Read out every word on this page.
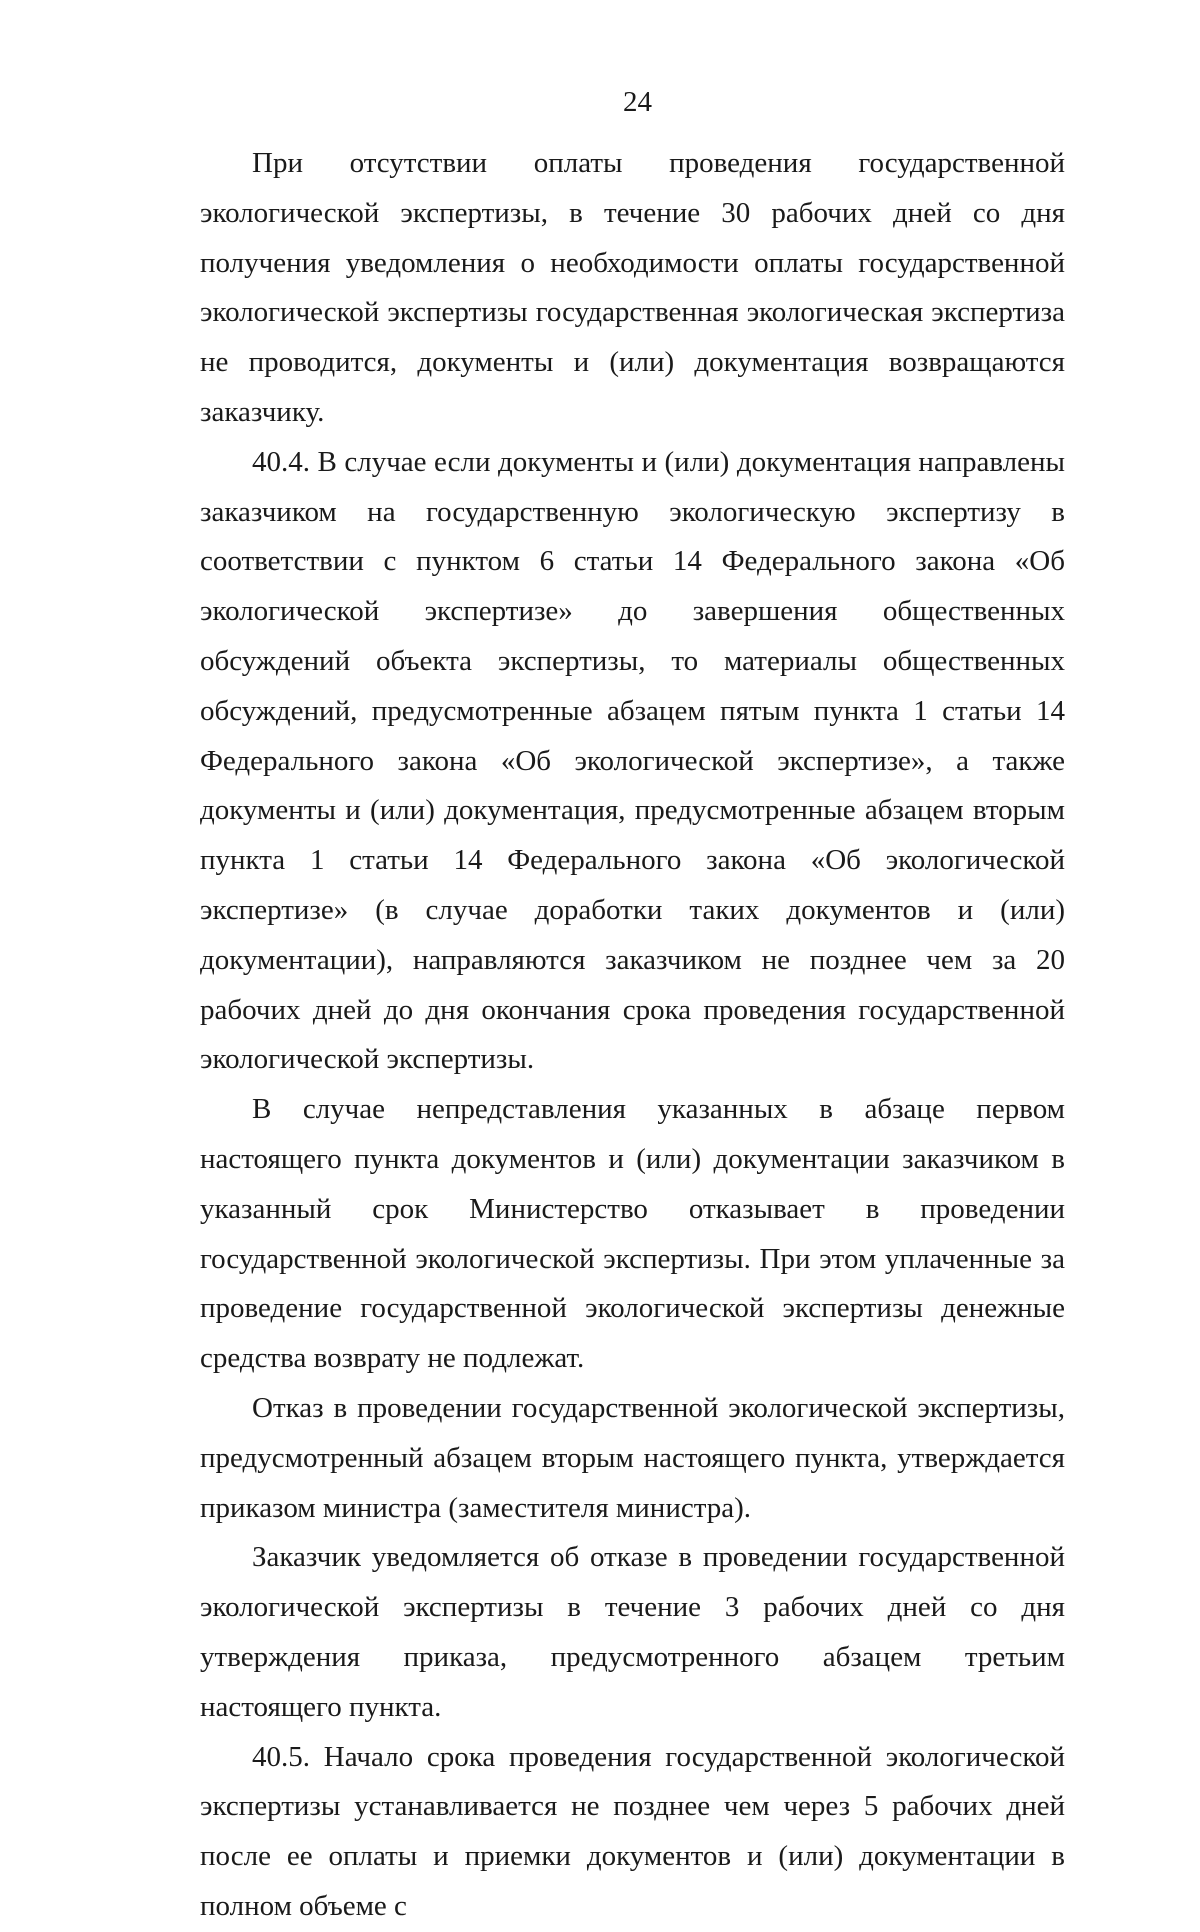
24

При отсутствии оплаты проведения государственной экологической экспертизы, в течение 30 рабочих дней со дня получения уведомления о необходимости оплаты государственной экологической экспертизы государственная экологическая экспертиза не проводится, документы и (или) документация возвращаются заказчику.

40.4. В случае если документы и (или) документация направлены заказчиком на государственную экологическую экспертизу в соответствии с пунктом 6 статьи 14 Федерального закона «Об экологической экспертизе» до завершения общественных обсуждений объекта экспертизы, то материалы общественных обсуждений, предусмотренные абзацем пятым пункта 1 статьи 14 Федерального закона «Об экологической экспертизе», а также документы и (или) документация, предусмотренные абзацем вторым пункта 1 статьи 14 Федерального закона «Об экологической экспертизе» (в случае доработки таких документов и (или) документации), направляются заказчиком не позднее чем за 20 рабочих дней до дня окончания срока проведения государственной экологической экспертизы.

В случае непредставления указанных в абзаце первом настоящего пункта документов и (или) документации заказчиком в указанный срок Министерство отказывает в проведении государственной экологической экспертизы. При этом уплаченные за проведение государственной экологической экспертизы денежные средства возврату не подлежат.

Отказ в проведении государственной экологической экспертизы, предусмотренный абзацем вторым настоящего пункта, утверждается приказом министра (заместителя министра).

Заказчик уведомляется об отказе в проведении государственной экологической экспертизы в течение 3 рабочих дней со дня утверждения приказа, предусмотренного абзацем третьим настоящего пункта.

40.5. Начало срока проведения государственной экологической экспертизы устанавливается не позднее чем через 5 рабочих дней после ее оплаты и приемки документов и (или) документации в полном объеме с
